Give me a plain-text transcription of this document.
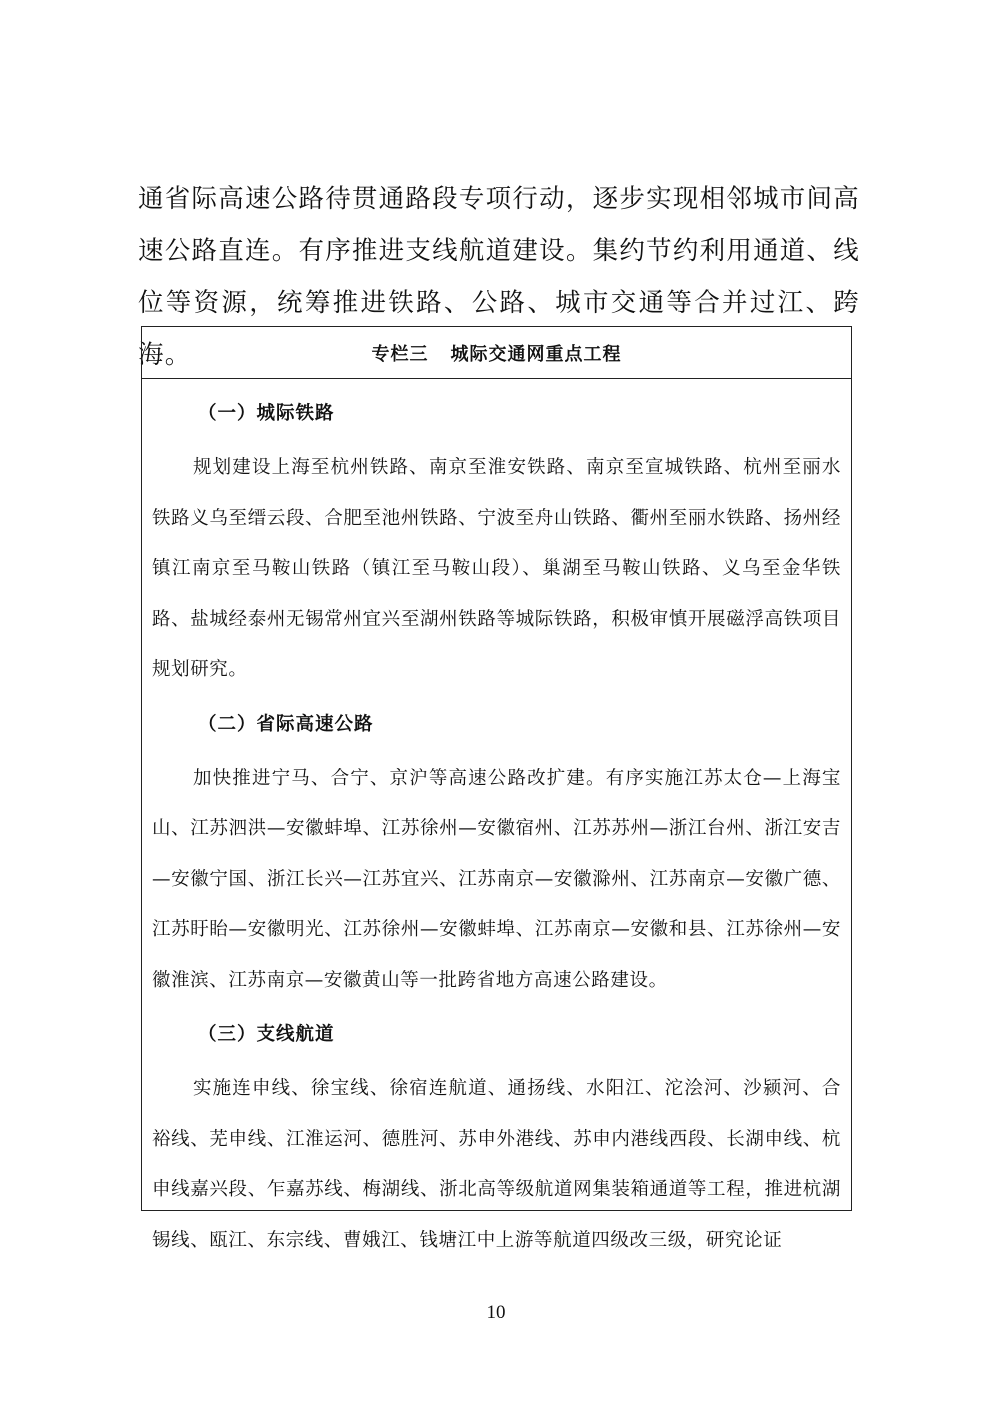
通省际高速公路待贯通路段专项行动，逐步实现相邻城市间高速公路直连。有序推进支线航道建设。集约节约利用通道、线位等资源，统筹推进铁路、公路、城市交通等合并过江、跨海。	专栏三 城际交通网重点工程
（一）城际铁路

规划建设上海至杭州铁路、南京至淮安铁路、南京至宣城铁路、杭州至丽水铁路义乌至缙云段、合肥至池州铁路、宁波至舟山铁路、衢州至丽水铁路、扬州经镇江南京至马鞍山铁路（镇江至马鞍山段）、巢湖至马鞍山铁路、义乌至金华铁路、盐城经泰州无锡常州宜兴至湖州铁路等城际铁路，积极审慎开展磁浮高铁项目规划研究。

（二）省际高速公路

加快推进宁马、合宁、京沪等高速公路改扩建。有序实施江苏太仓—上海宝山、江苏泗洪—安徽蚌埠、江苏徐州—安徽宿州、江苏苏州—浙江台州、浙江安吉—安徽宁国、浙江长兴—江苏宜兴、江苏南京—安徽滁州、江苏南京—安徽广德、江苏盱眙—安徽明光、江苏徐州—安徽蚌埠、江苏南京—安徽和县、江苏徐州—安徽淮滨、江苏南京—安徽黄山等一批跨省地方高速公路建设。

（三）支线航道

实施连申线、徐宝线、徐宿连航道、通扬线、水阳江、沱浍河、沙颍河、合裕线、芜申线、江淮运河、德胜河、苏申外港线、苏申内港线西段、长湖申线、杭申线嘉兴段、乍嘉苏线、梅湖线、浙北高等级航道网集装箱通道等工程，推进杭湖锡线、瓯江、东宗线、曹娥江、钱塘江中上游等航道四级改三级，研究论证

10
